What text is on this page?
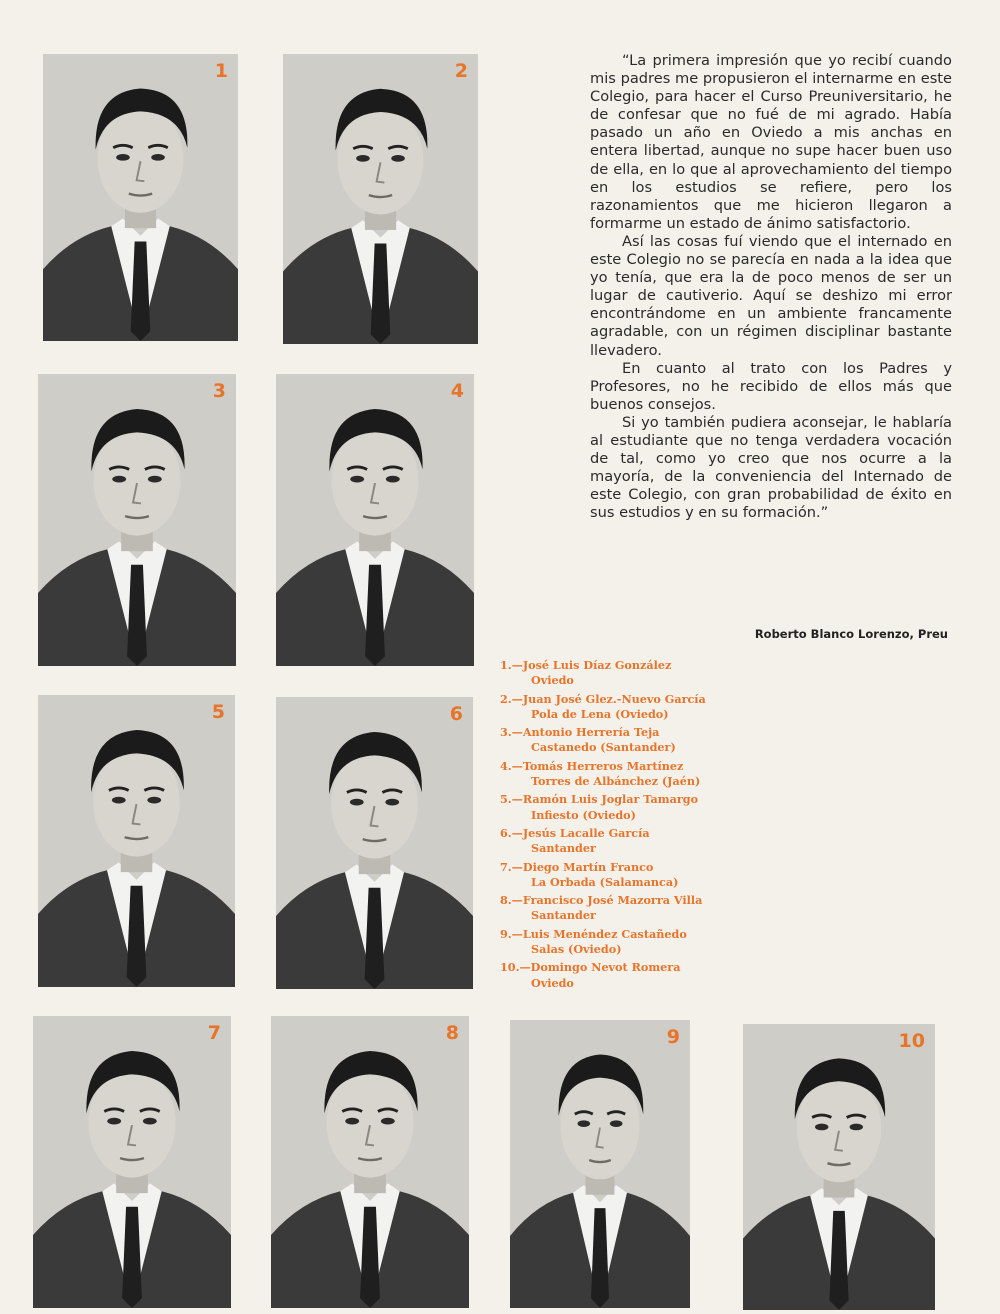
1	2
3	4
5	6
7	8	9	10

“La primera impresión que yo recibí cuando mis padres me propusieron el internarme en este Colegio, para hacer el Curso Preuniversitario, he de confesar que no fué de mi agrado. Había pasado un año en Oviedo a mis anchas en entera libertad, aunque no supe hacer buen uso de ella, en lo que al aprovechamiento del tiempo en los estudios se refiere, pero los razonamientos que me hicieron llegaron a formarme un estado de ánimo satisfactorio.

Así las cosas fuí viendo que el internado en este Colegio no se parecía en nada a la idea que yo tenía, que era la de poco menos de ser un lugar de cautiverio. Aquí se deshizo mi error encontrándome en un ambiente francamente agradable, con un régimen disciplinar bastante llevadero.

En cuanto al trato con los Padres y Profesores, no he recibido de ellos más que buenos consejos.

Si yo también pudiera aconsejar, le hablaría al estudiante que no tenga verdadera vocación de tal, como yo creo que nos ocurre a la mayoría, de la conveniencia del Internado de este Colegio, con gran probabilidad de éxito en sus estudios y en su formación.”

Roberto Blanco Lorenzo, Preu
1.—José Luis Díaz González
Oviedo
2.—Juan José Glez.-Nuevo García
Pola de Lena (Oviedo)
3.—Antonio Herrería Teja
Castanedo (Santander)
4.—Tomás Herreros Martínez
Torres de Albánchez (Jaén)
5.—Ramón Luis Joglar Tamargo
Infiesto (Oviedo)
6.—Jesús Lacalle García
Santander
7.—Diego Martín Franco
La Orbada (Salamanca)
8.—Francisco José Mazorra Villa
Santander
9.—Luis Menéndez Castañedo
Salas (Oviedo)
10.—Domingo Nevot Romera
Oviedo
